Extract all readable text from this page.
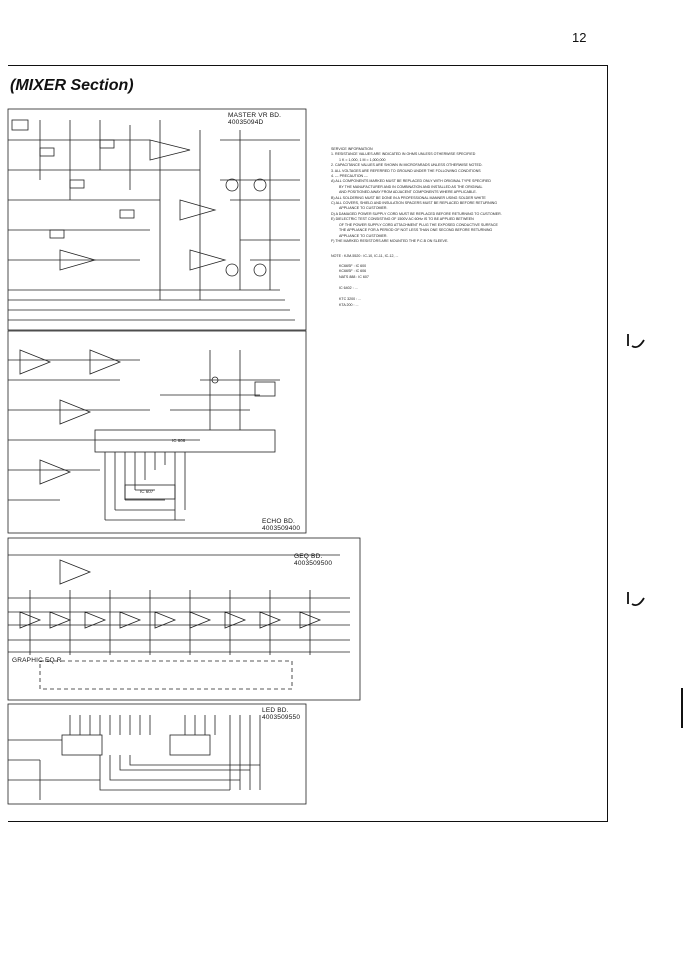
12
(MIXER Section)
MASTER VR BD.
40035094D
ECHO BD.
4003509400
GEQ BD.
4003509500
GRAPHIC EQ R
LED BD.
4003509550
IC 606
IC 607
SERVICE INFORMATION
1. RESISTANCE VALUES ARE INDICATED IN OHMS UNLESS OTHERWISE SPECIFIED
1 K = 1,000, 1 M = 1,000,000
2. CAPACITANCE VALUES ARE SHOWN IN MICROFARADS UNLESS OTHERWISE NOTED.
3. ALL VOLTAGES ARE REFERRED TO GROUND UNDER THE FOLLOWING CONDITIONS
4. --- PRECAUTION ---
A) ALL COMPONENTS MARKED MUST BE REPLACED ONLY WITH ORIGINAL TYPE SPECIFIED
BY THE MANUFACTURER AND IN COMBINATION AND INSTALLED AS THE ORIGINAL
AND POSITIONED AWAY FROM ADJACENT COMPONENTS WHERE APPLICABLE.
B) ALL SOLDERING MUST BE DONE IN A PROFESSIONAL MANNER USING SOLDER WHITE
C) ALL COVERS, SHIELD AND INSULATION SPACERS MUST BE REPLACED BEFORE RETURNING
APPLIANCE TO CUSTOMER.
D) A DAMAGED POWER SUPPLY CORD MUST BE REPLACED BEFORE RETURNING TO CUSTOMER.
E) DIELECTRIC TEST CONSISTING OF 1500V AC 60Hz IS TO BE APPLIED BETWEEN
OF THE POWER SUPPLY CORD ATTACHMENT PLUG THE EXPOSED CONDUCTIVE SURFACE
THE APPLIANCE FOR A PERIOD OF NOT LESS THAN ONE SECOND BEFORE RETURNING
APPLIANCE TO CUSTOMER.
F) THE MARKED RESISTORS ARE MOUNTED THE P.C.B ON SLEEVE.
NOTE : KJM-5520 : IC-10, IC-11, IC-12, ...
KC66SF : IC 600
KC66SF : IC 606
NATS 888 : IC 607
IC 6402 : ...
KTC 3200 : ...
KTA 200 : ...
